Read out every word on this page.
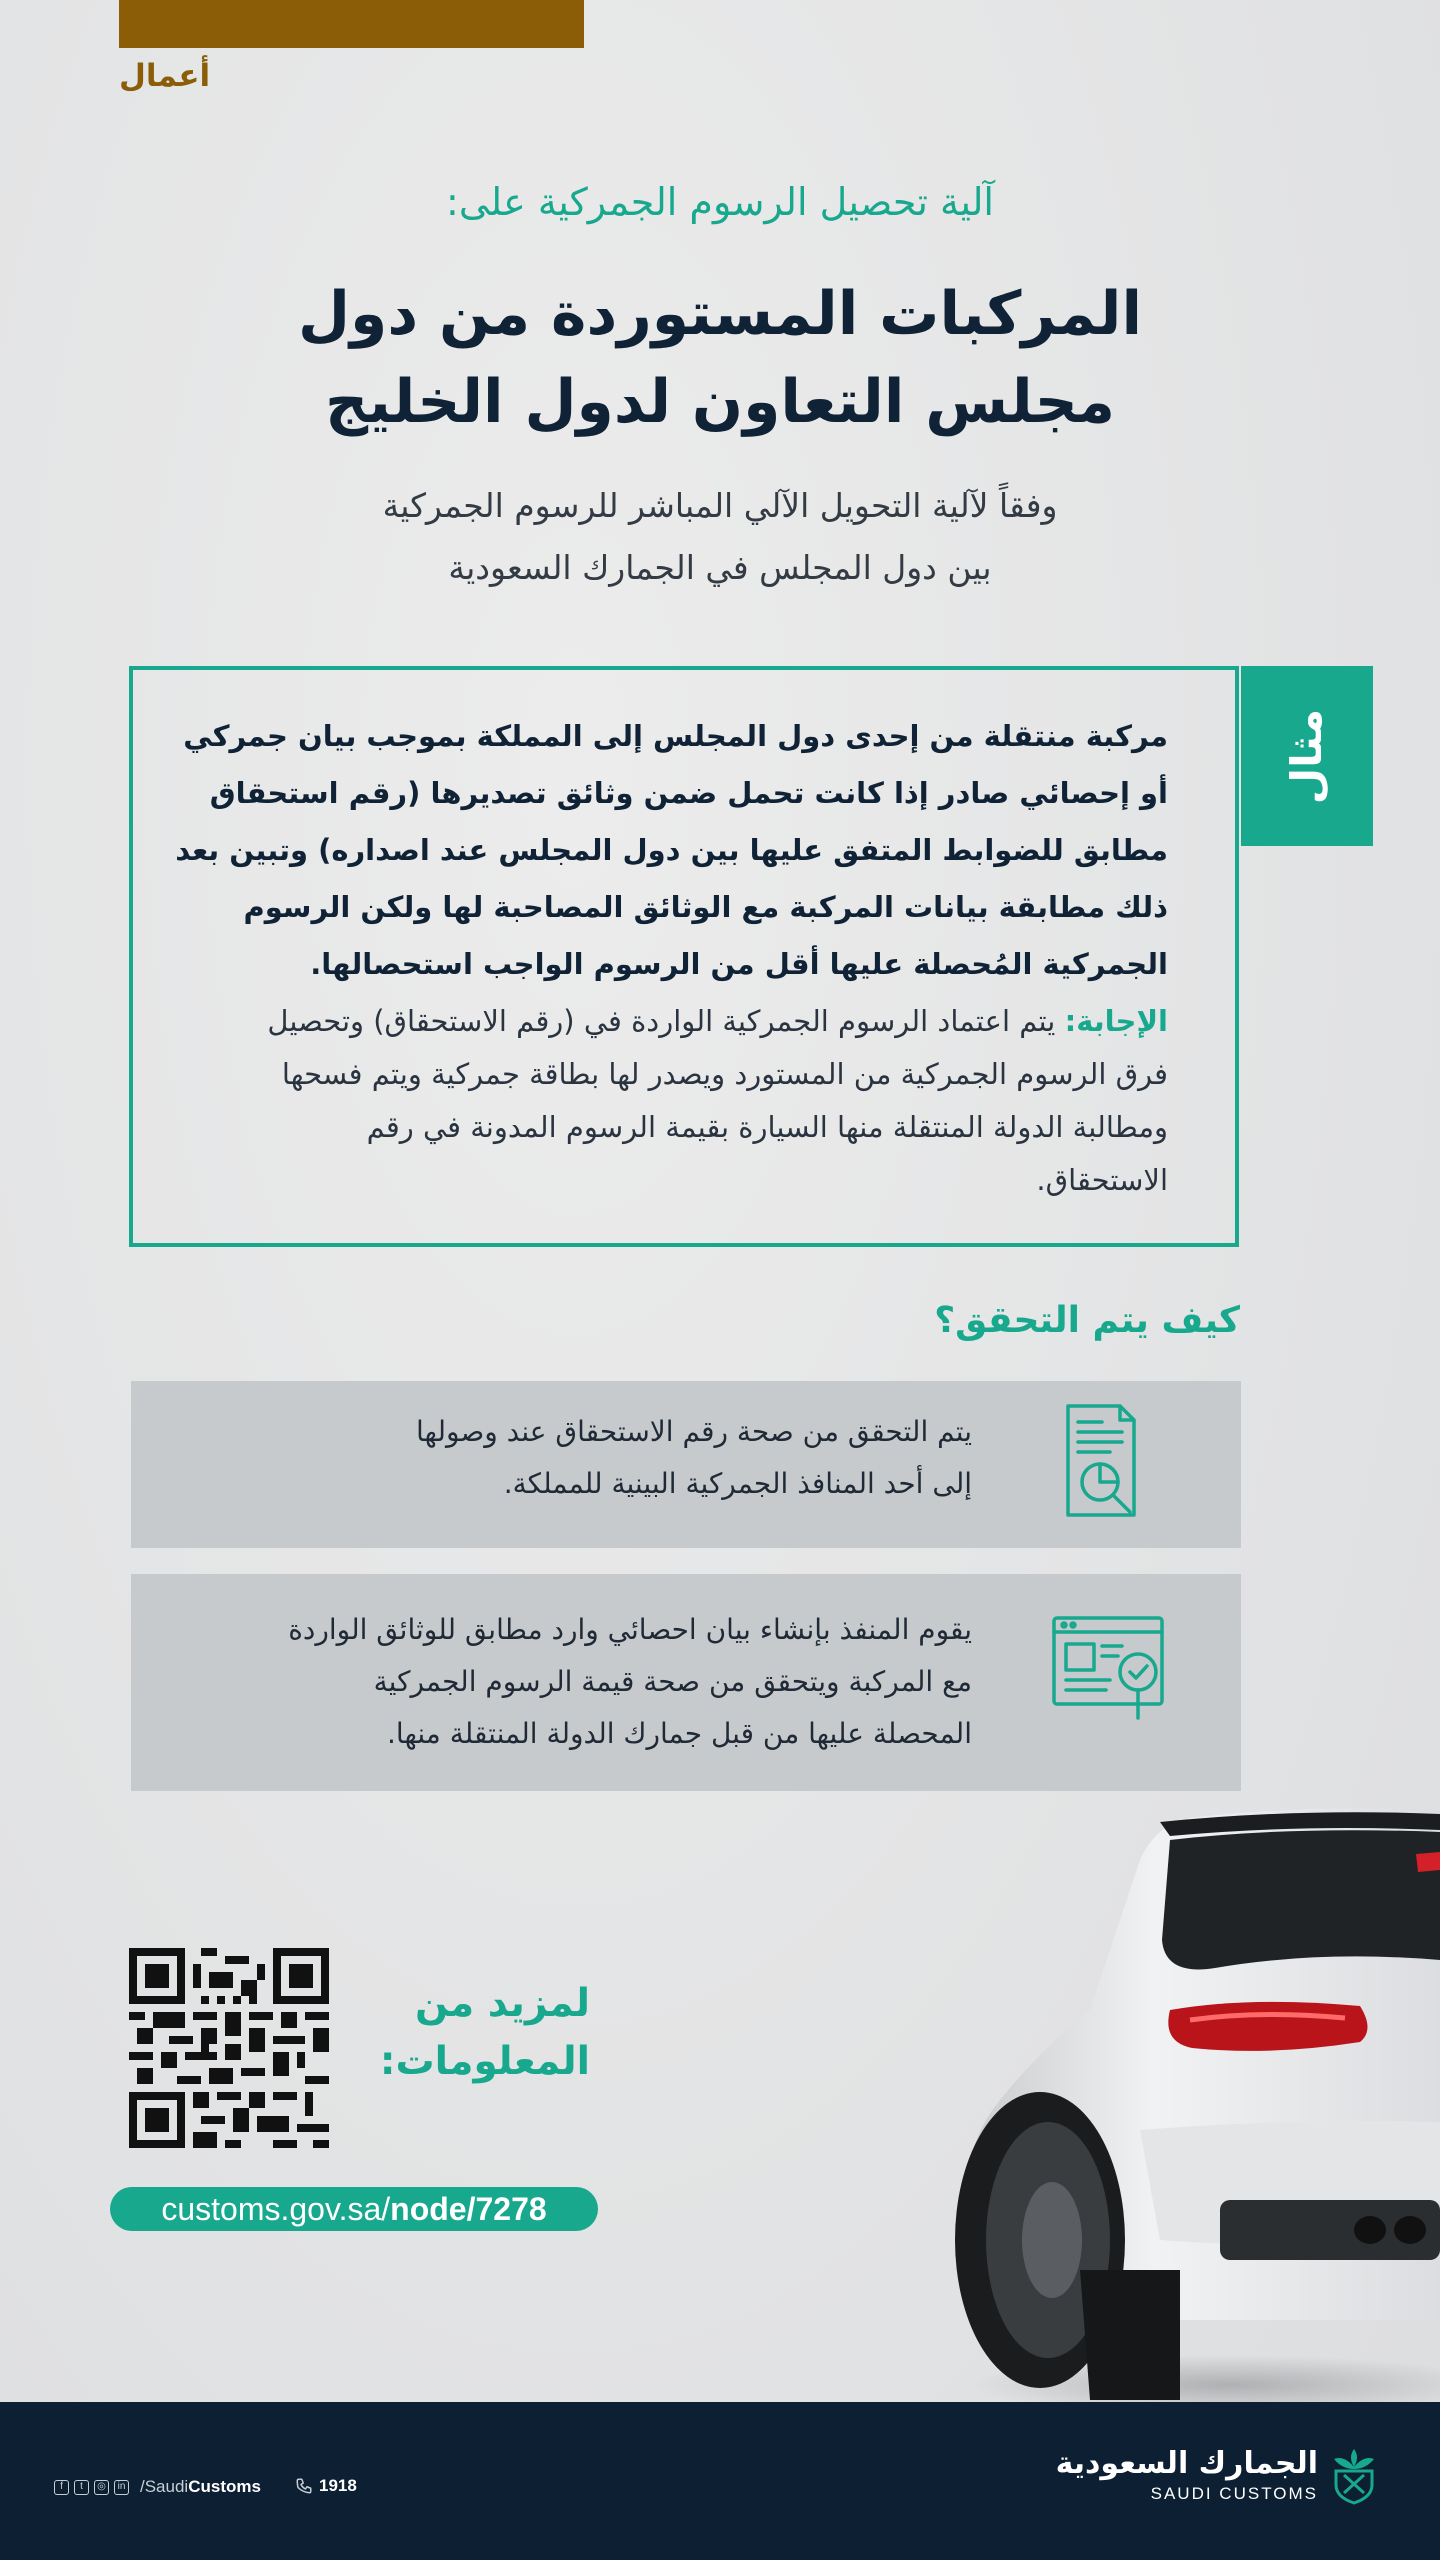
أعمال
آلية تحصيل الرسوم الجمركية على:
المركبات المستوردة من دول
مجلس التعاون لدول الخليج
وفقاً لآلية التحويل الآلي المباشر للرسوم الجمركية
بين دول المجلس في الجمارك السعودية
مثال
مركبة منتقلة من إحدى دول المجلس إلى المملكة بموجب بيان جمركي
أو إحصائي صادر إذا كانت تحمل ضمن وثائق تصديرها (رقم استحقاق
مطابق للضوابط المتفق عليها بين دول المجلس عند اصداره) وتبين بعد
ذلك مطابقة بيانات المركبة مع الوثائق المصاحبة لها ولكن الرسوم
الجمركية المُحصلة عليها أقل من الرسوم الواجب استحصالها.
الإجابة: يتم اعتماد الرسوم الجمركية الواردة في (رقم الاستحقاق) وتحصيل
فرق الرسوم الجمركية من المستورد ويصدر لها بطاقة جمركية ويتم فسحها
ومطالبة الدولة المنتقلة منها السيارة بقيمة الرسوم المدونة في رقم
الاستحقاق.
كيف يتم التحقق؟
يتم التحقق من صحة رقم الاستحقاق عند وصولها
إلى أحد المنافذ الجمركية البينية للمملكة.
يقوم المنفذ بإنشاء بيان احصائي وارد مطابق للوثائق الواردة
مع المركبة ويتحقق من صحة قيمة الرسوم الجمركية
المحصلة عليها من قبل جمارك الدولة المنتقلة منها.
لمزيد من
المعلومات:
customs.gov.sa/ node/7278
الجمارك السعودية
SAUDI CUSTOMS
f	t	◎	in /SaudiCustoms	1918
